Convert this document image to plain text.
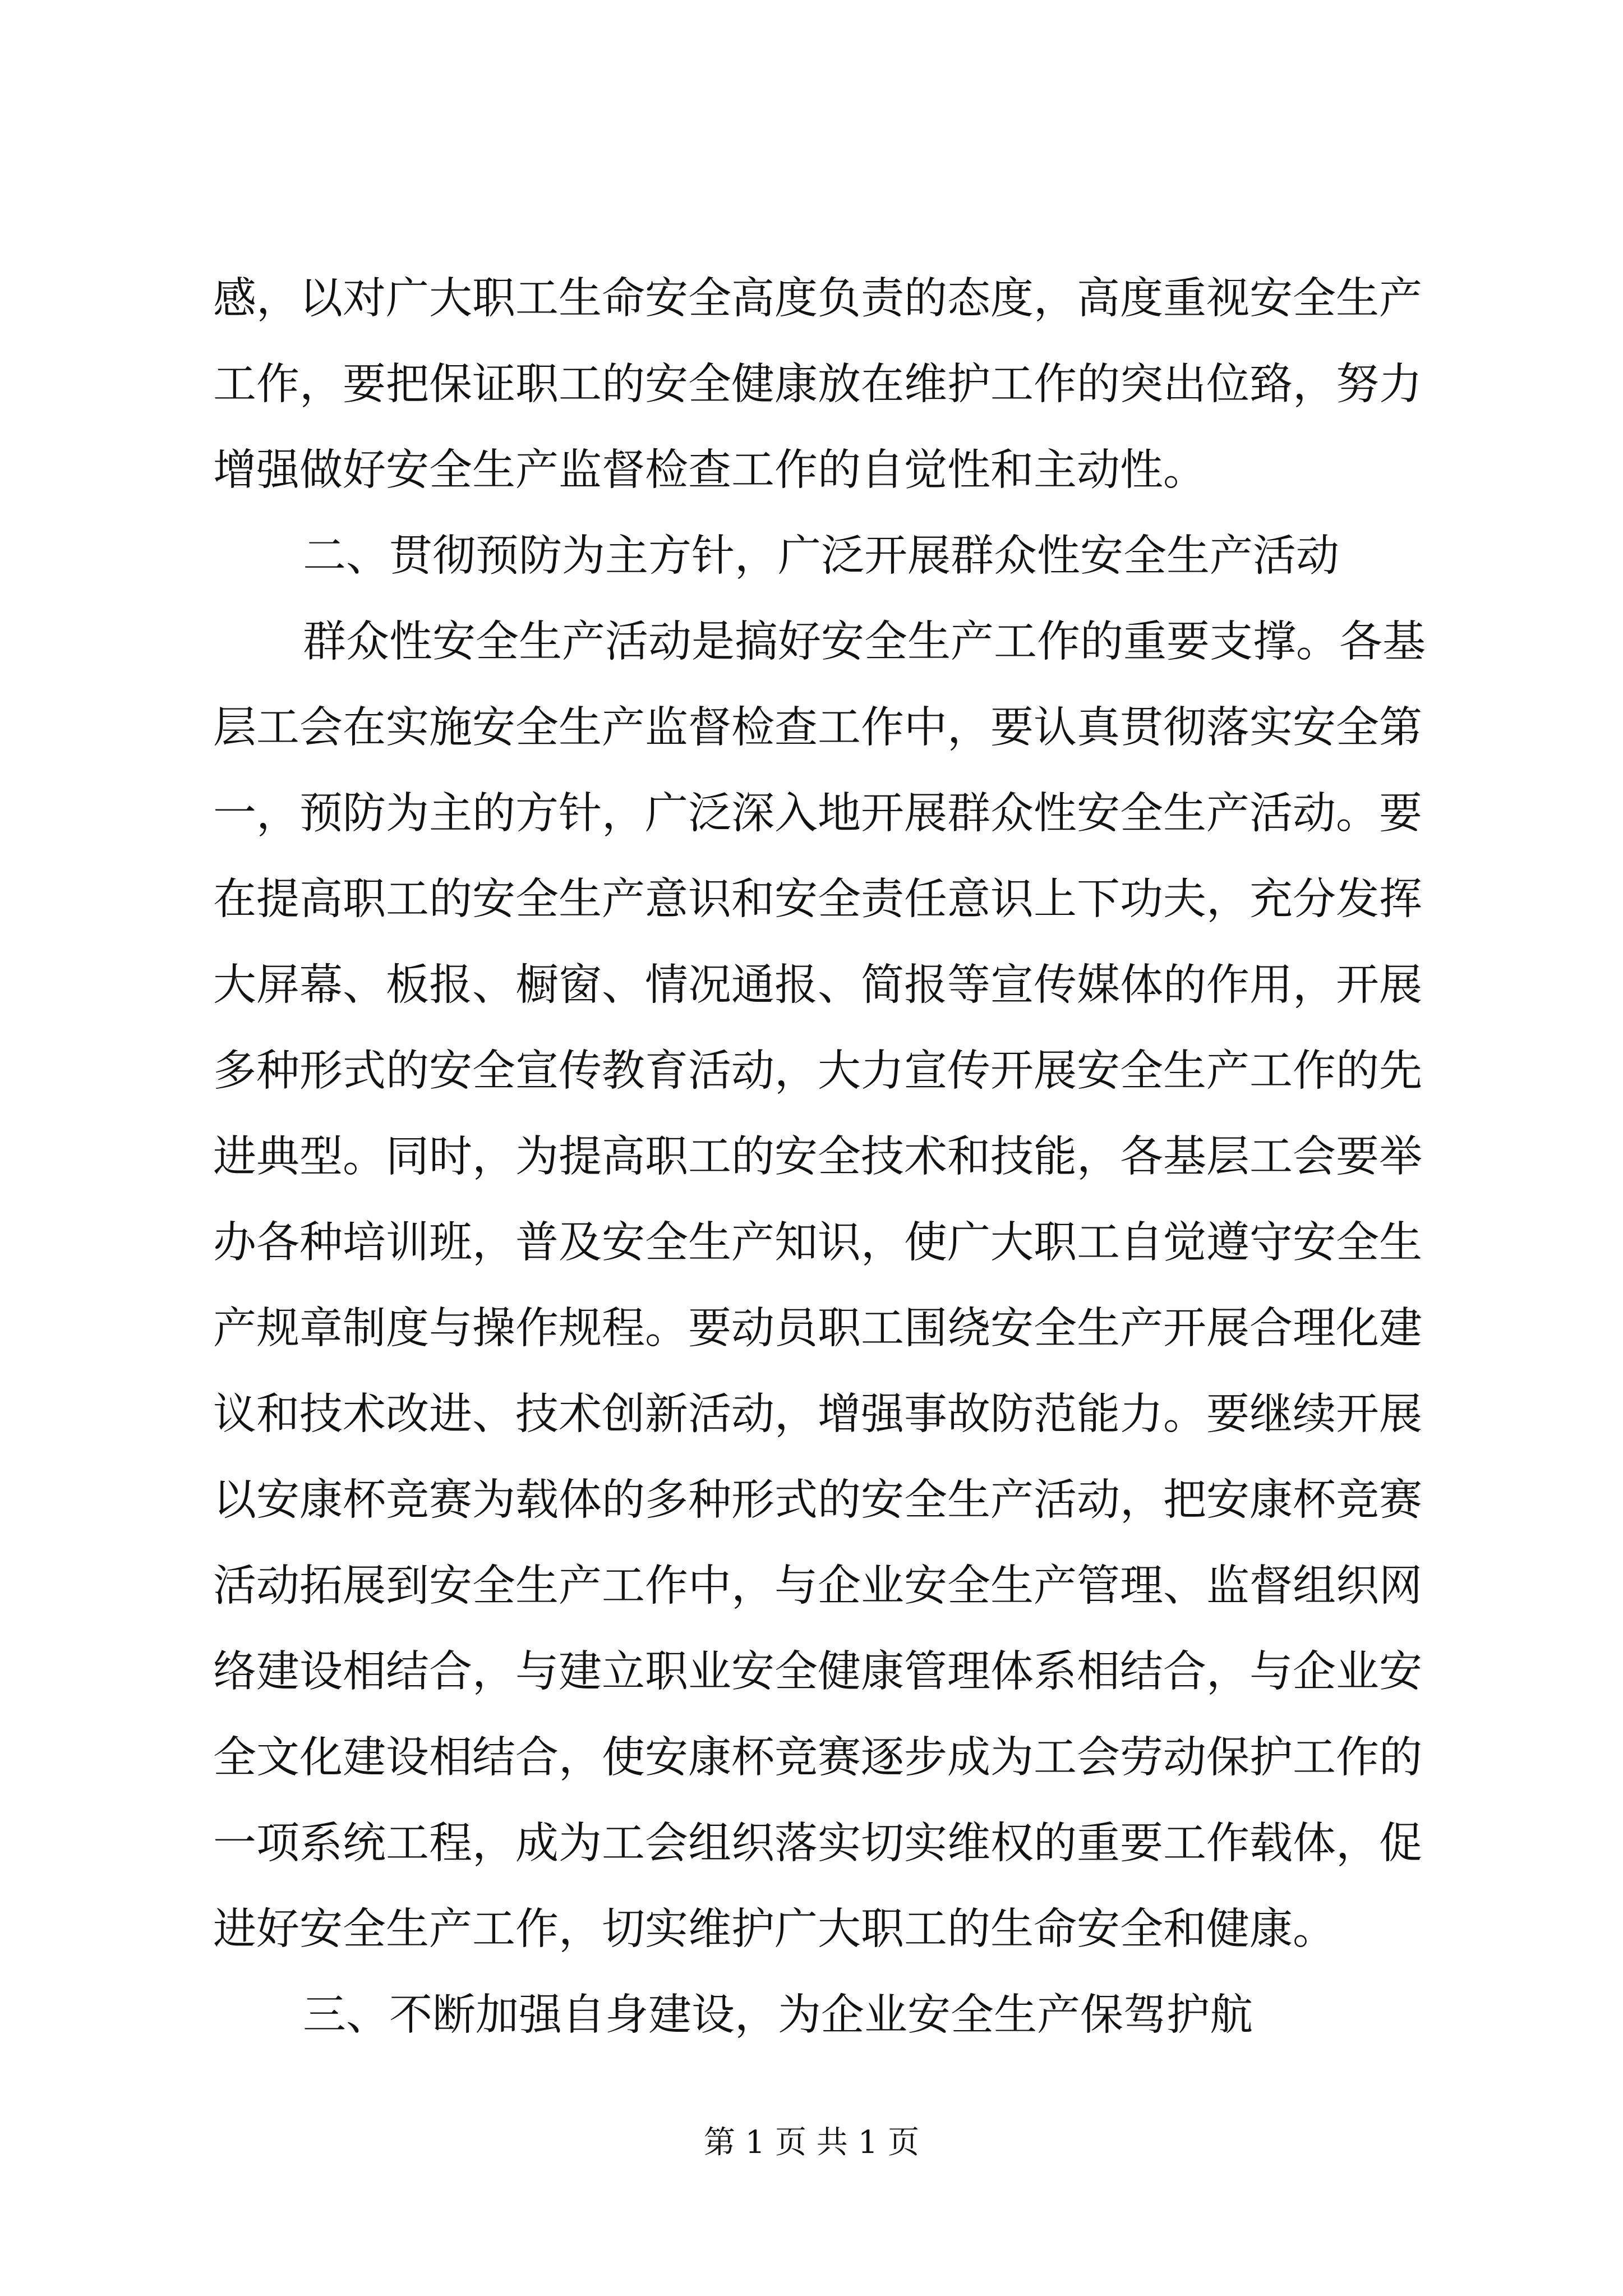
感，以对广大职工生命安全高度负责的态度，高度重视安全生产
工作，要把保证职工的安全健康放在维护工作的突出位臵，努力
增强做好安全生产监督检查工作的自觉性和主动性。
二、贯彻预防为主方针，广泛开展群众性安全生产活动
群众性安全生产活动是搞好安全生产工作的重要支撑。各基
层工会在实施安全生产监督检查工作中，要认真贯彻落实安全第
一，预防为主的方针，广泛深入地开展群众性安全生产活动。要
在提高职工的安全生产意识和安全责任意识上下功夫，充分发挥
大屏幕、板报、橱窗、情况通报、简报等宣传媒体的作用，开展
多种形式的安全宣传教育活动，大力宣传开展安全生产工作的先
进典型。同时，为提高职工的安全技术和技能，各基层工会要举
办各种培训班，普及安全生产知识，使广大职工自觉遵守安全生
产规章制度与操作规程。要动员职工围绕安全生产开展合理化建
议和技术改进、技术创新活动，增强事故防范能力。要继续开展
以安康杯竞赛为载体的多种形式的安全生产活动，把安康杯竞赛
活动拓展到安全生产工作中，与企业安全生产管理、监督组织网
络建设相结合，与建立职业安全健康管理体系相结合，与企业安
全文化建设相结合，使安康杯竞赛逐步成为工会劳动保护工作的
一项系统工程，成为工会组织落实切实维权的重要工作载体，促
进好安全生产工作，切实维护广大职工的生命安全和健康。
三、不断加强自身建设，为企业安全生产保驾护航
第 1 页 共 1 页
